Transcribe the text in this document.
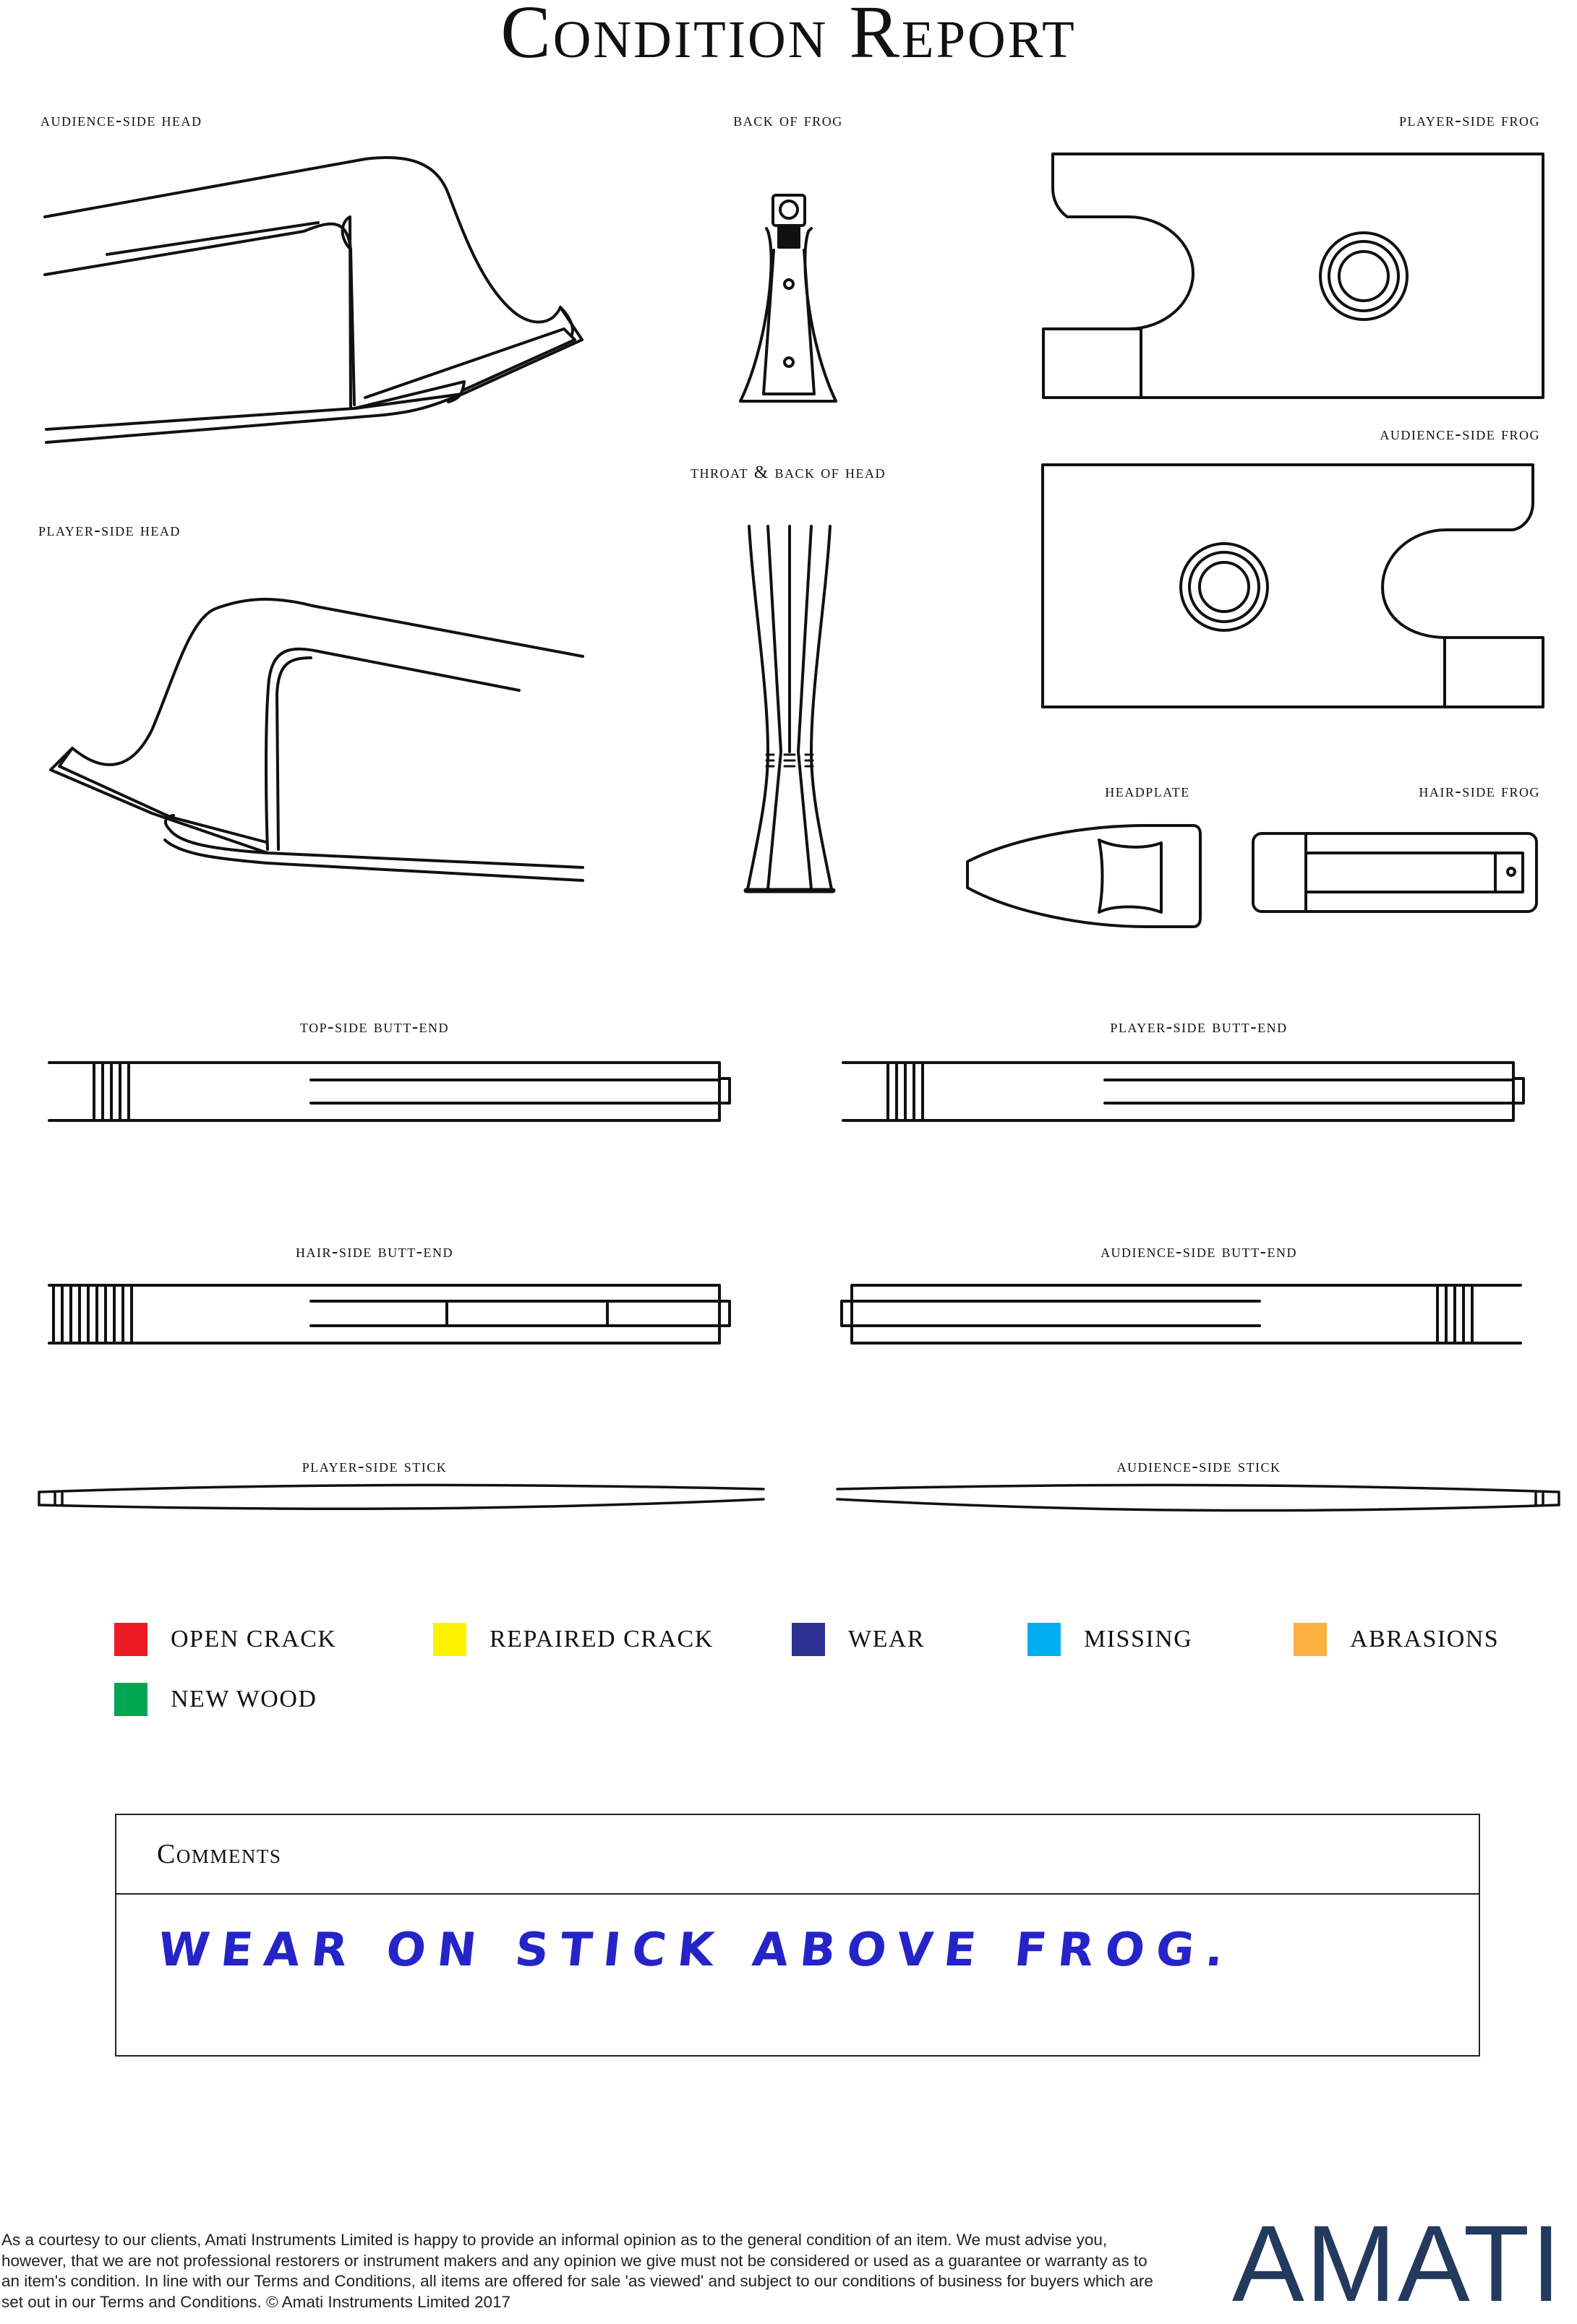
Condition Report
audience-side head	back of frog	player-side frog
audience-side frog
throat & back of head
player-side head
headplate	hair-side frog
top-side butt-end	player-side butt-end
hair-side butt-end	audience-side butt-end
player-side stick	audience-side stick
OPEN CRACK	REPAIRED CRACK	WEAR	MISSING	ABRASIONS
NEW WOOD
Comments
WEAR ON STICK ABOVE FROG.
As a courtesy to our clients, Amati Instruments Limited is happy to provide an informal opinion as to the general condition of an item. We must advise you, however, that we are not professional restorers or instrument makers and any opinion we give must not be considered or used as a guarantee or warranty as to an item's condition. In line with our Terms and Conditions, all items are offered for sale 'as viewed' and subject to our conditions of business for buyers which are set out in our Terms and Conditions. © Amati Instruments Limited 2017	AMATI
